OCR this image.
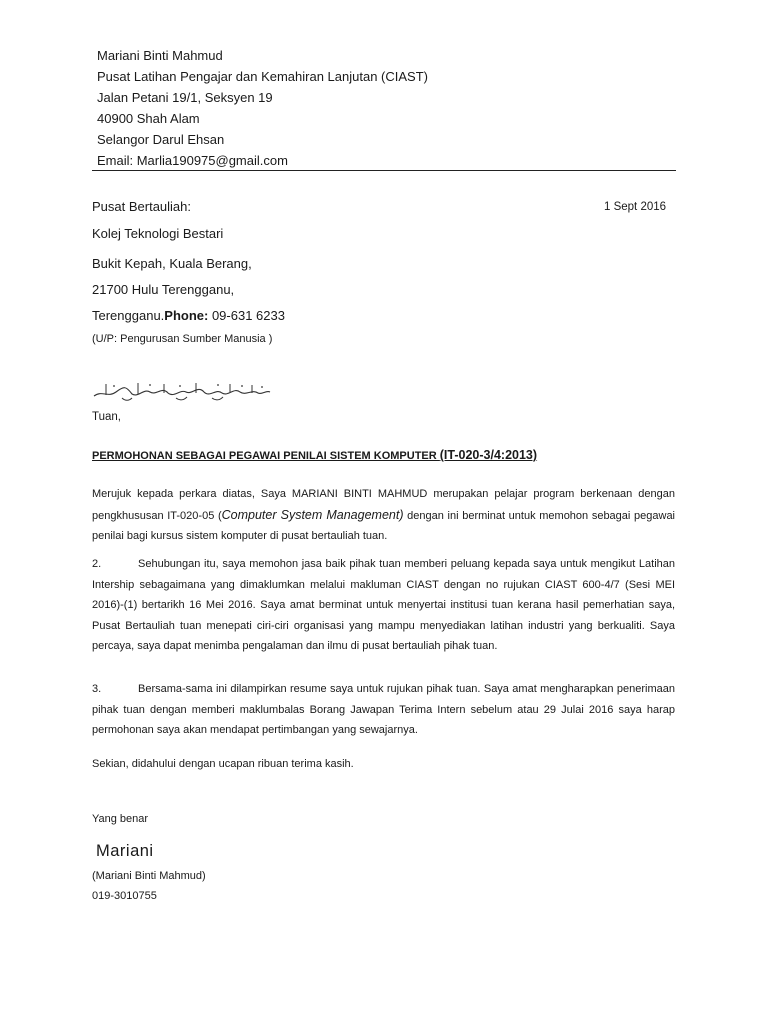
Mariani Binti Mahmud
Pusat Latihan Pengajar dan Kemahiran Lanjutan (CIAST)
Jalan Petani 19/1, Seksyen 19
40900 Shah Alam
Selangor Darul Ehsan
Email: Marlia190975@gmail.com
Pusat Bertauliah:	1 Sept 2016
Kolej Teknologi Bestari
Bukit Kepah, Kuala Berang,
21700 Hulu Terengganu,
Terengganu.Phone: 09-631 6233
(U/P: Pengurusan Sumber Manusia )
Tuan,
PERMOHONAN SEBAGAI PEGAWAI PENILAI SISTEM KOMPUTER (IT-020-3/4:2013)
Merujuk kepada perkara diatas, Saya MARIANI BINTI MAHMUD merupakan pelajar program berkenaan dengan pengkhususan IT-020-05 (Computer System Management) dengan ini berminat untuk memohon sebagai pegawai penilai bagi kursus sistem komputer di pusat bertauliah tuan.
2.	Sehubungan itu, saya memohon jasa baik pihak tuan memberi peluang kepada saya untuk mengikut Latihan Intership sebagaimana yang dimaklumkan melalui makluman CIAST dengan no rujukan CIAST 600-4/7 (Sesi MEI 2016)-(1) bertarikh 16 Mei 2016. Saya amat berminat untuk menyertai institusi tuan kerana hasil pemerhatian saya, Pusat Bertauliah tuan menepati ciri-ciri organisasi yang mampu menyediakan latihan industri yang berkualiti. Saya percaya, saya dapat menimba pengalaman dan ilmu di pusat bertauliah pihak tuan.
3.	Bersama-sama ini dilampirkan resume saya untuk rujukan pihak tuan. Saya amat mengharapkan penerimaan pihak tuan dengan memberi maklumbalas Borang Jawapan Terima Intern sebelum atau 29 Julai 2016 saya harap permohonan saya akan mendapat pertimbangan yang sewajarnya.
Sekian, didahului dengan ucapan ribuan terima kasih.
Yang benar
Mariani
(Mariani Binti Mahmud)
019-3010755
